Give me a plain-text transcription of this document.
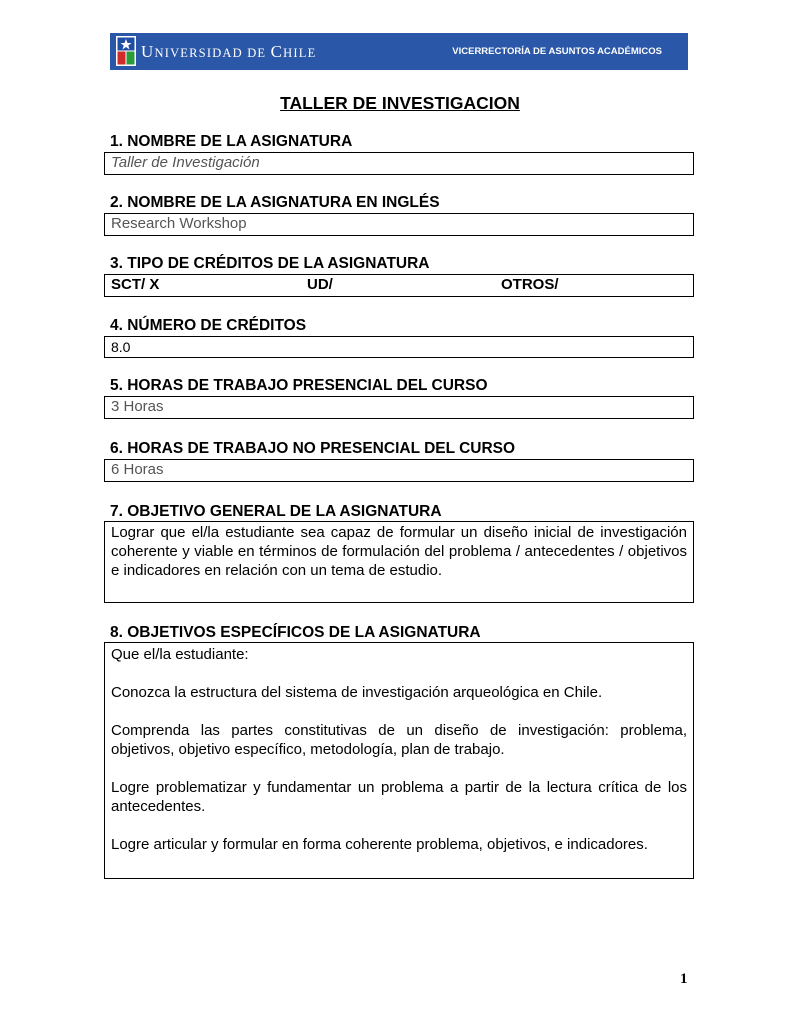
UNIVERSIDAD DE CHILE	VICERRECTORÍA DE ASUNTOS ACADÉMICOS
TALLER DE INVESTIGACION
1. NOMBRE DE LA ASIGNATURA
Taller de Investigación
2. NOMBRE DE LA ASIGNATURA EN INGLÉS
Research Workshop
3. TIPO DE CRÉDITOS DE LA ASIGNATURA
SCT/ X	UD/	OTROS/
4. NÚMERO DE CRÉDITOS
8.0
5. HORAS DE TRABAJO PRESENCIAL DEL CURSO
3 Horas
6. HORAS DE TRABAJO NO PRESENCIAL DEL CURSO
6 Horas
7. OBJETIVO GENERAL DE LA ASIGNATURA
Lograr que el/la estudiante sea capaz de formular un diseño inicial de investigación coherente y viable en términos de formulación del problema / antecedentes / objetivos e indicadores en relación con un tema de estudio.
8. OBJETIVOS ESPECÍFICOS DE LA ASIGNATURA

Que el/la estudiante:

Conozca la estructura del sistema de investigación arqueológica en Chile.

Comprenda las partes constitutivas de un diseño de investigación: problema, objetivos, objetivo específico, metodología, plan de trabajo.

Logre problematizar y fundamentar un problema a partir de la lectura crítica de los antecedentes.

Logre articular y formular en forma coherente problema, objetivos, e indicadores.

1
